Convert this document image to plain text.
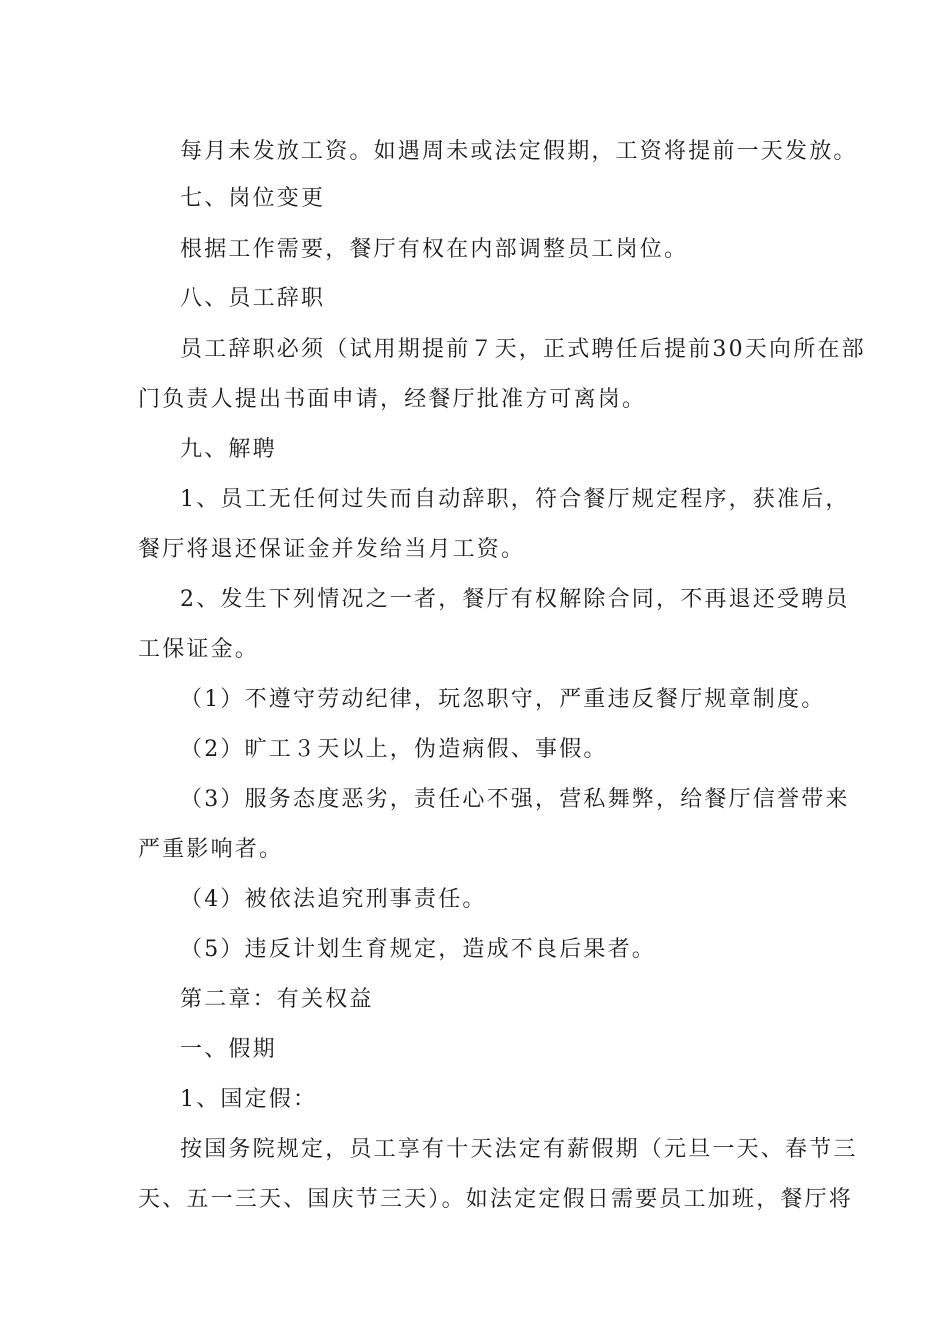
每月未发放工资。如遇周未或法定假期，工资将提前一天发放。
七、岗位变更
根据工作需要，餐厅有权在内部调整员工岗位。
八、员工辞职
员工辞职必须（试用期提前７天，正式聘任后提前30天向所在部
门负责人提出书面申请，经餐厅批准方可离岗。
九、解聘
1、员工无任何过失而自动辞职，符合餐厅规定程序，获准后，
餐厅将退还保证金并发给当月工资。
2、发生下列情况之一者，餐厅有权解除合同，不再退还受聘员
工保证金。
（1）不遵守劳动纪律，玩忽职守，严重违反餐厅规章制度。
（2）旷工３天以上，伪造病假、事假。
（3）服务态度恶劣，责任心不强，营私舞弊，给餐厅信誉带来
严重影响者。
（4）被依法追究刑事责任。
（5）违反计划生育规定，造成不良后果者。
第二章：有关权益
一、假期
1、国定假：
按国务院规定，员工享有十天法定有薪假期（元旦一天、春节三
天、五一三天、国庆节三天）。如法定定假日需要员工加班，餐厅将
